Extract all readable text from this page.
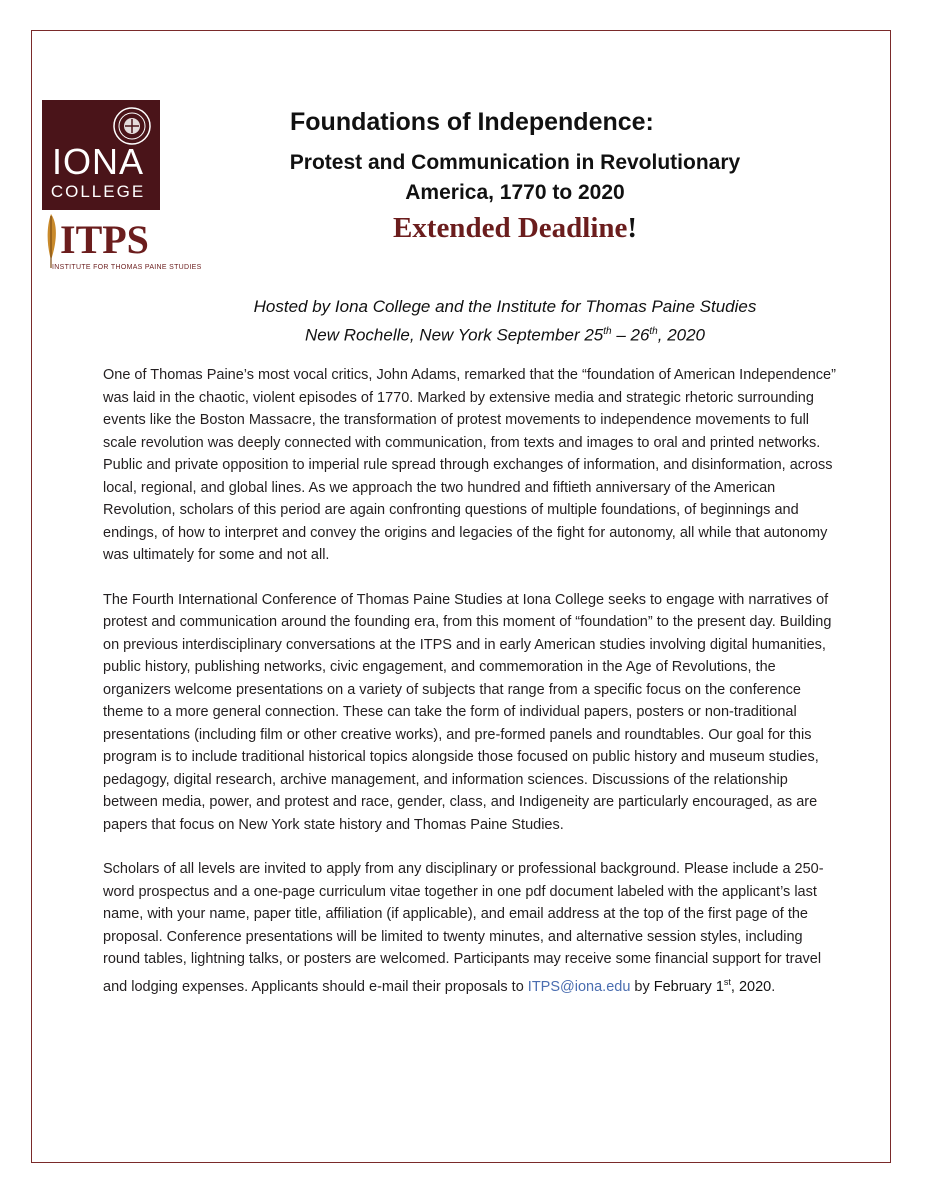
IONA
COLLEGE
ITPS
INSTITUTE FOR THOMAS PAINE STUDIES
Foundations of Independence:
Protest and Communication in Revolutionary
America, 1770 to 2020
Extended Deadline!
Hosted by Iona College and the Institute for Thomas Paine Studies
New Rochelle, New York September 25th – 26th, 2020

One of Thomas Paine’s most vocal critics, John Adams, remarked that the “foundation of American Independence” was laid in the chaotic, violent episodes of 1770. Marked by extensive media and strategic rhetoric surrounding events like the Boston Massacre, the transformation of protest movements to independence movements to full scale revolution was deeply connected with communication, from texts and images to oral and printed networks. Public and private opposition to imperial rule spread through exchanges of information, and disinformation, across local, regional, and global lines. As we approach the two hundred and fiftieth anniversary of the American Revolution, scholars of this period are again confronting questions of multiple foundations, of beginnings and endings, of how to interpret and convey the origins and legacies of the fight for autonomy, all while that autonomy was ultimately for some and not all.

The Fourth International Conference of Thomas Paine Studies at Iona College seeks to engage with narratives of protest and communication around the founding era, from this moment of “foundation” to the present day. Building on previous interdisciplinary conversations at the ITPS and in early American studies involving digital humanities, public history, publishing networks, civic engagement, and commemoration in the Age of Revolutions, the organizers welcome presentations on a variety of subjects that range from a specific focus on the conference theme to a more general connection. These can take the form of individual papers, posters or non-traditional presentations (including film or other creative works), and pre-formed panels and roundtables. Our goal for this program is to include traditional historical topics alongside those focused on public history and museum studies, pedagogy, digital research, archive management, and information sciences. Discussions of the relationship between media, power, and protest and race, gender, class, and Indigeneity are particularly encouraged, as are papers that focus on New York state history and Thomas Paine Studies.

Scholars of all levels are invited to apply from any disciplinary or professional background. Please include a 250-word prospectus and a one-page curriculum vitae together in one pdf document labeled with the applicant’s last name, with your name, paper title, affiliation (if applicable), and email address at the top of the first page of the proposal. Conference presentations will be limited to twenty minutes, and alternative session styles, including round tables, lightning talks, or posters are welcomed. Participants may receive some financial support for travel and lodging expenses. Applicants should e-mail their proposals to ITPS@iona.edu by February 1st, 2020.
